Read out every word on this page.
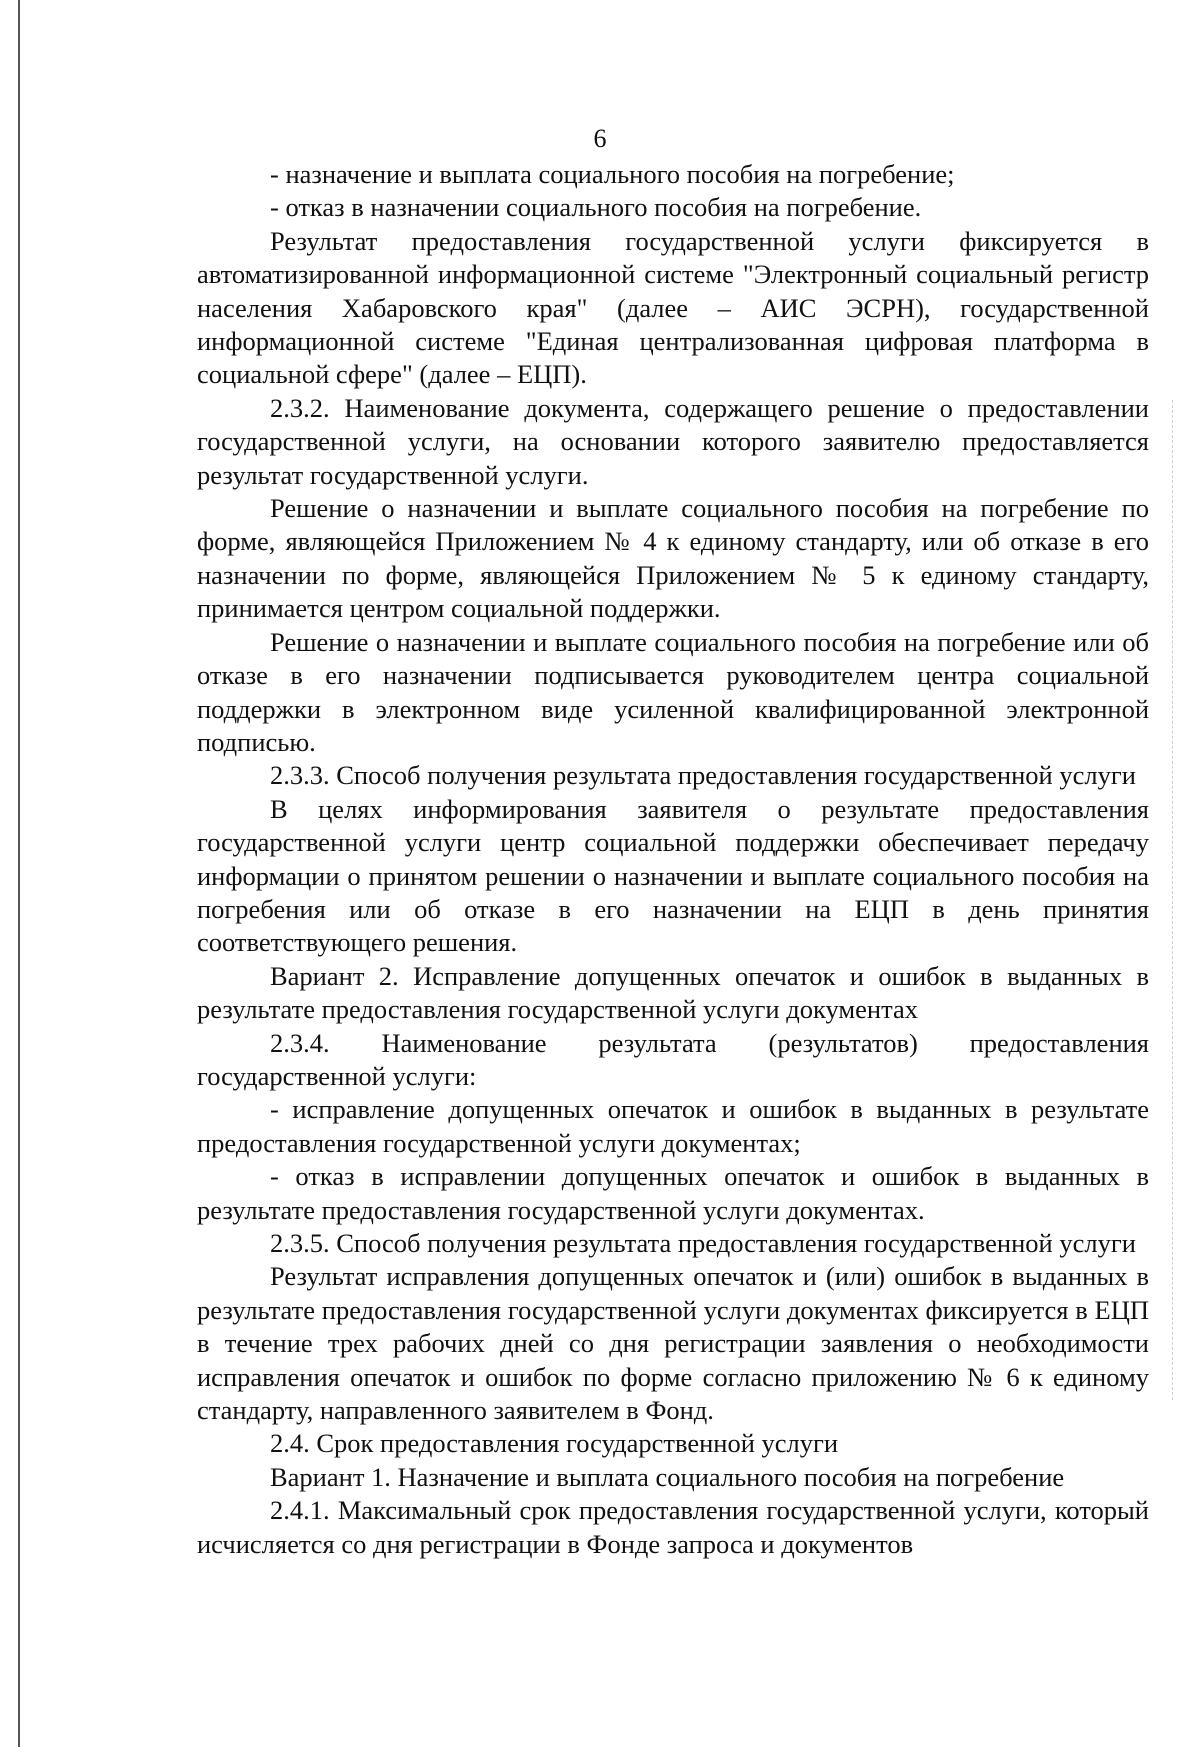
6

- назначение и выплата социального пособия на погребение;

- отказ в назначении социального пособия на погребение.

Результат предоставления государственной услуги фиксируется в автоматизированной информационной системе "Электронный социальный регистр населения Хабаровского края" (далее – АИС ЭСРН), государственной информационной системе "Единая централизованная цифровая платформа в социальной сфере" (далее – ЕЦП).

2.3.2. Наименование документа, содержащего решение о предоставлении государственной услуги, на основании которого заявителю предоставляется результат государственной услуги.

Решение о назначении и выплате социального пособия на погребение по форме, являющейся Приложением № 4 к единому стандарту, или об отказе в его назначении по форме, являющейся Приложением № 5 к единому стандарту, принимается центром социальной поддержки.

Решение о назначении и выплате социального пособия на погребение или об отказе в его назначении подписывается руководителем центра социальной поддержки в электронном виде усиленной квалифицированной электронной подписью.

2.3.3. Способ получения результата предоставления государственной услуги

В целях информирования заявителя о результате предоставления государственной услуги центр социальной поддержки обеспечивает передачу информации о принятом решении о назначении и выплате социального пособия на погребения или об отказе в его назначении на ЕЦП в день принятия соответствующего решения.

Вариант 2. Исправление допущенных опечаток и ошибок в выданных в результате предоставления государственной услуги документах

2.3.4. Наименование результата (результатов) предоставления государственной услуги:

- исправление допущенных опечаток и ошибок в выданных в результате предоставления государственной услуги документах;

- отказ в исправлении допущенных опечаток и ошибок в выданных в результате предоставления государственной услуги документах.

2.3.5. Способ получения результата предоставления государственной услуги

Результат исправления допущенных опечаток и (или) ошибок в выданных в результате предоставления государственной услуги документах фиксируется в ЕЦП в течение трех рабочих дней со дня регистрации заявления о необходимости исправления опечаток и ошибок по форме согласно приложению № 6 к единому стандарту, направленного заявителем в Фонд.

2.4. Срок предоставления государственной услуги

Вариант 1. Назначение и выплата социального пособия на погребение

2.4.1. Максимальный срок предоставления государственной услуги, который исчисляется со дня регистрации в Фонде запроса и документов
